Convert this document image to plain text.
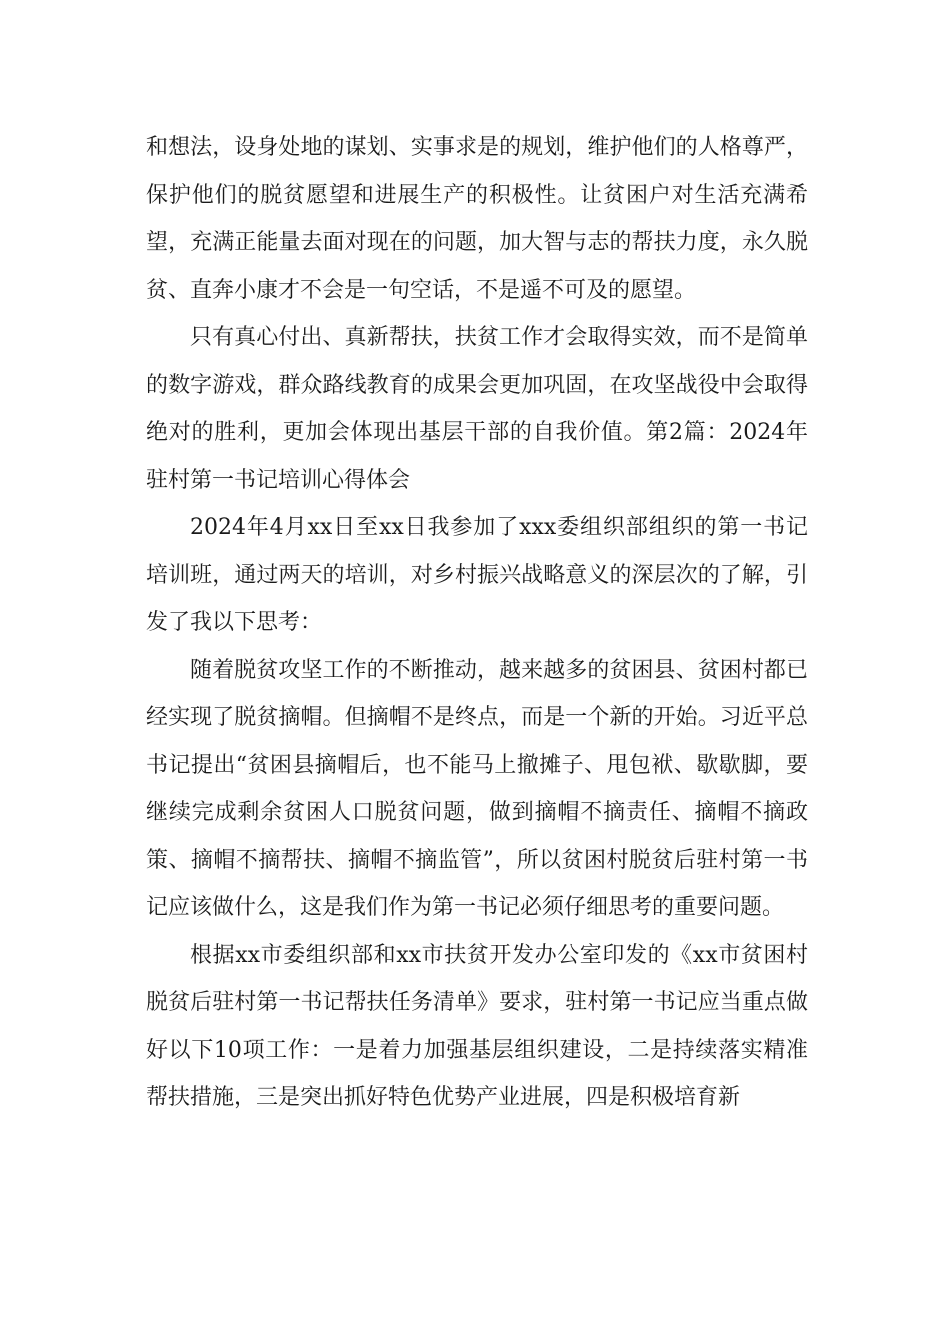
和想法，设身处地的谋划、实事求是的规划，维护他们的人格尊严，保护他们的脱贫愿望和进展生产的积极性。让贫困户对生活充满希望，充满正能量去面对现在的问题，加大智与志的帮扶力度，永久脱贫、直奔小康才不会是一句空话，不是遥不可及的愿望。

只有真心付出、真新帮扶，扶贫工作才会取得实效，而不是简单的数字游戏，群众路线教育的成果会更加巩固，在攻坚战役中会取得绝对的胜利，更加会体现出基层干部的自我价值。第2篇：2024年驻村第一书记培训心得体会

2024年4月xx日至xx日我参加了xxx委组织部组织的第一书记培训班，通过两天的培训，对乡村振兴战略意义的深层次的了解，引发了我以下思考：

随着脱贫攻坚工作的不断推动，越来越多的贫困县、贫困村都已经实现了脱贫摘帽。但摘帽不是终点，而是一个新的开始。习近平总书记提出“贫困县摘帽后，也不能马上撤摊子、甩包袱、歇歇脚，要继续完成剩余贫困人口脱贫问题，做到摘帽不摘责任、摘帽不摘政策、摘帽不摘帮扶、摘帽不摘监管”，所以贫困村脱贫后驻村第一书记应该做什么，这是我们作为第一书记必须仔细思考的重要问题。

根据xx市委组织部和xx市扶贫开发办公室印发的《xx市贫困村脱贫后驻村第一书记帮扶任务清单》要求，驻村第一书记应当重点做好以下10项工作：一是着力加强基层组织建设，二是持续落实精准帮扶措施，三是突出抓好特色优势产业进展，四是积极培育新
